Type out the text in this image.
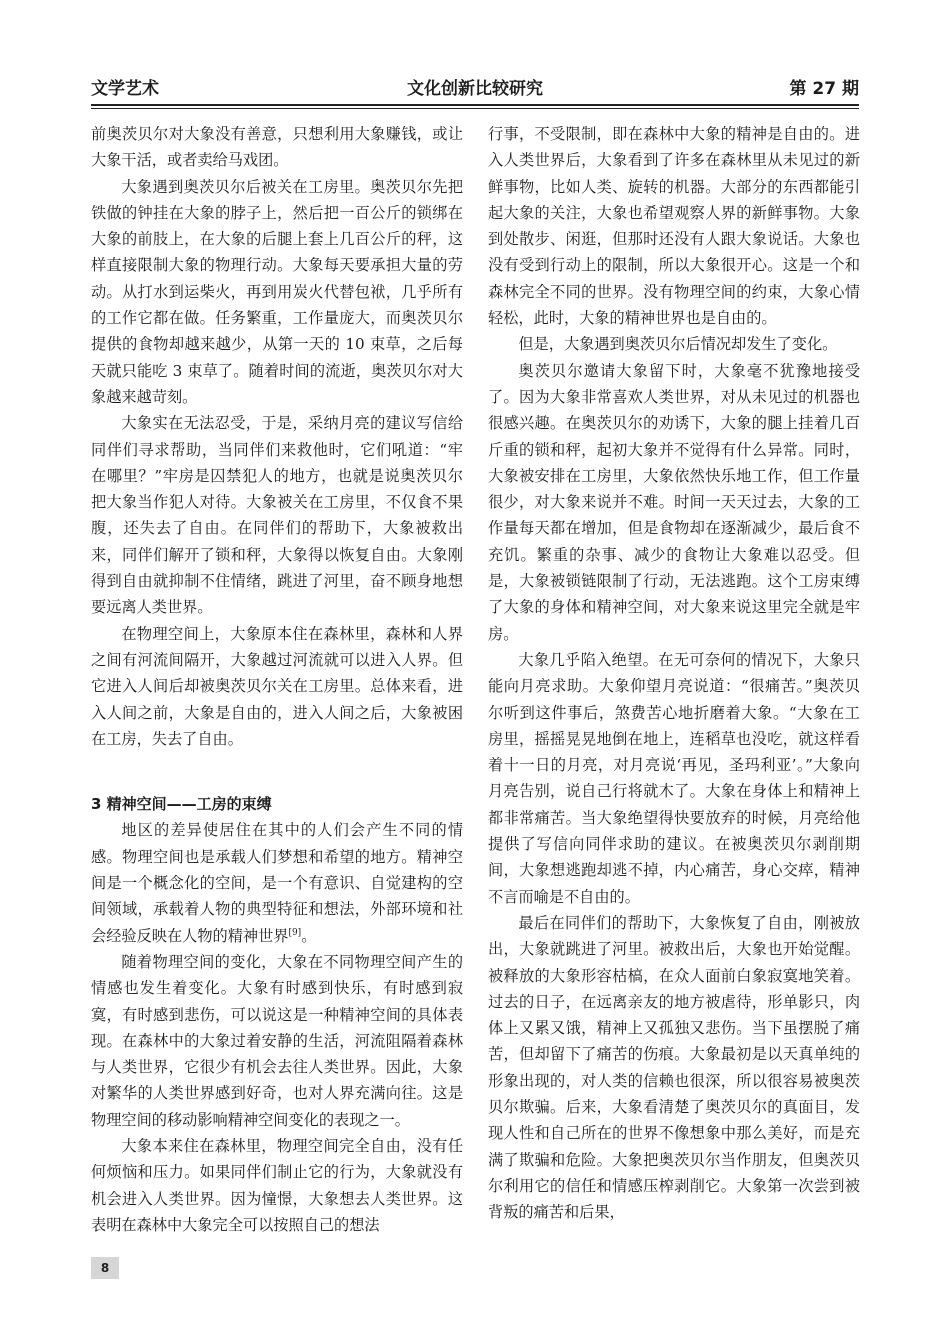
文学艺术	文化创新比较研究	第 27 期

前奥茨贝尔对大象没有善意，只想利用大象赚钱，或让大象干活，或者卖给马戏团。

大象遇到奥茨贝尔后被关在工房里。奥茨贝尔先把铁做的钟挂在大象的脖子上，然后把一百公斤的锁绑在大象的前肢上，在大象的后腿上套上几百公斤的秤，这样直接限制大象的物理行动。大象每天要承担大量的劳动。从打水到运柴火，再到用炭火代替包袱，几乎所有的工作它都在做。任务繁重，工作量庞大，而奥茨贝尔提供的食物却越来越少，从第一天的 10 束草，之后每天就只能吃 3 束草了。随着时间的流逝，奥茨贝尔对大象越来越苛刻。

大象实在无法忍受，于是，采纳月亮的建议写信给同伴们寻求帮助，当同伴们来救他时，它们吼道：“牢在哪里？”牢房是囚禁犯人的地方，也就是说奥茨贝尔把大象当作犯人对待。大象被关在工房里，不仅食不果腹，还失去了自由。在同伴们的帮助下，大象被救出来，同伴们解开了锁和秤，大象得以恢复自由。大象刚得到自由就抑制不住情绪，跳进了河里，奋不顾身地想要远离人类世界。

在物理空间上，大象原本住在森林里，森林和人界之间有河流间隔开，大象越过河流就可以进入人界。但它进入人间后却被奥茨贝尔关在工房里。总体来看，进入人间之前，大象是自由的，进入人间之后，大象被困在工房，失去了自由。

3 精神空间——工房的束缚

地区的差异使居住在其中的人们会产生不同的情感。物理空间也是承载人们梦想和希望的地方。精神空间是一个概念化的空间，是一个有意识、自觉建构的空间领域，承载着人物的典型特征和想法，外部环境和社会经验反映在人物的精神世界[9]。

随着物理空间的变化，大象在不同物理空间产生的情感也发生着变化。大象有时感到快乐，有时感到寂寞，有时感到悲伤，可以说这是一种精神空间的具体表现。在森林中的大象过着安静的生活，河流阻隔着森林与人类世界，它很少有机会去往人类世界。因此，大象对繁华的人类世界感到好奇，也对人界充满向往。这是物理空间的移动影响精神空间变化的表现之一。

大象本来住在森林里，物理空间完全自由，没有任何烦恼和压力。如果同伴们制止它的行为，大象就没有机会进入人类世界。因为憧憬，大象想去人类世界。这表明在森林中大象完全可以按照自己的想法

行事，不受限制，即在森林中大象的精神是自由的。进入人类世界后，大象看到了许多在森林里从未见过的新鲜事物，比如人类、旋转的机器。大部分的东西都能引起大象的关注，大象也希望观察人界的新鲜事物。大象到处散步、闲逛，但那时还没有人跟大象说话。大象也没有受到行动上的限制，所以大象很开心。这是一个和森林完全不同的世界。没有物理空间的约束，大象心情轻松，此时，大象的精神世界也是自由的。

但是，大象遇到奥茨贝尔后情况却发生了变化。

奥茨贝尔邀请大象留下时，大象毫不犹豫地接受了。因为大象非常喜欢人类世界，对从未见过的机器也很感兴趣。在奥茨贝尔的劝诱下，大象的腿上挂着几百斤重的锁和秤，起初大象并不觉得有什么异常。同时，大象被安排在工房里，大象依然快乐地工作，但工作量很少，对大象来说并不难。时间一天天过去，大象的工作量每天都在增加，但是食物却在逐渐减少，最后食不充饥。繁重的杂事、减少的食物让大象难以忍受。但是，大象被锁链限制了行动，无法逃跑。这个工房束缚了大象的身体和精神空间，对大象来说这里完全就是牢房。

大象几乎陷入绝望。在无可奈何的情况下，大象只能向月亮求助。大象仰望月亮说道：“很痛苦。”奥茨贝尔听到这件事后，煞费苦心地折磨着大象。“大象在工房里，摇摇晃晃地倒在地上，连稻草也没吃，就这样看着十一日的月亮，对月亮说‘再见，圣玛利亚’。”大象向月亮告别，说自己行将就木了。大象在身体上和精神上都非常痛苦。当大象绝望得快要放弃的时候，月亮给他提供了写信向同伴求助的建议。在被奥茨贝尔剥削期间，大象想逃跑却逃不掉，内心痛苦，身心交瘁，精神不言而喻是不自由的。

最后在同伴们的帮助下，大象恢复了自由，刚被放出，大象就跳进了河里。被救出后，大象也开始觉醒。被释放的大象形容枯槁，在众人面前白象寂寞地笑着。过去的日子，在远离亲友的地方被虐待，形单影只，肉体上又累又饿，精神上又孤独又悲伤。当下虽摆脱了痛苦，但却留下了痛苦的伤痕。大象最初是以天真单纯的形象出现的，对人类的信赖也很深，所以很容易被奥茨贝尔欺骗。后来，大象看清楚了奥茨贝尔的真面目，发现人性和自己所在的世界不像想象中那么美好，而是充满了欺骗和危险。大象把奥茨贝尔当作朋友，但奥茨贝尔利用它的信任和情感压榨剥削它。大象第一次尝到被背叛的痛苦和后果，

8
